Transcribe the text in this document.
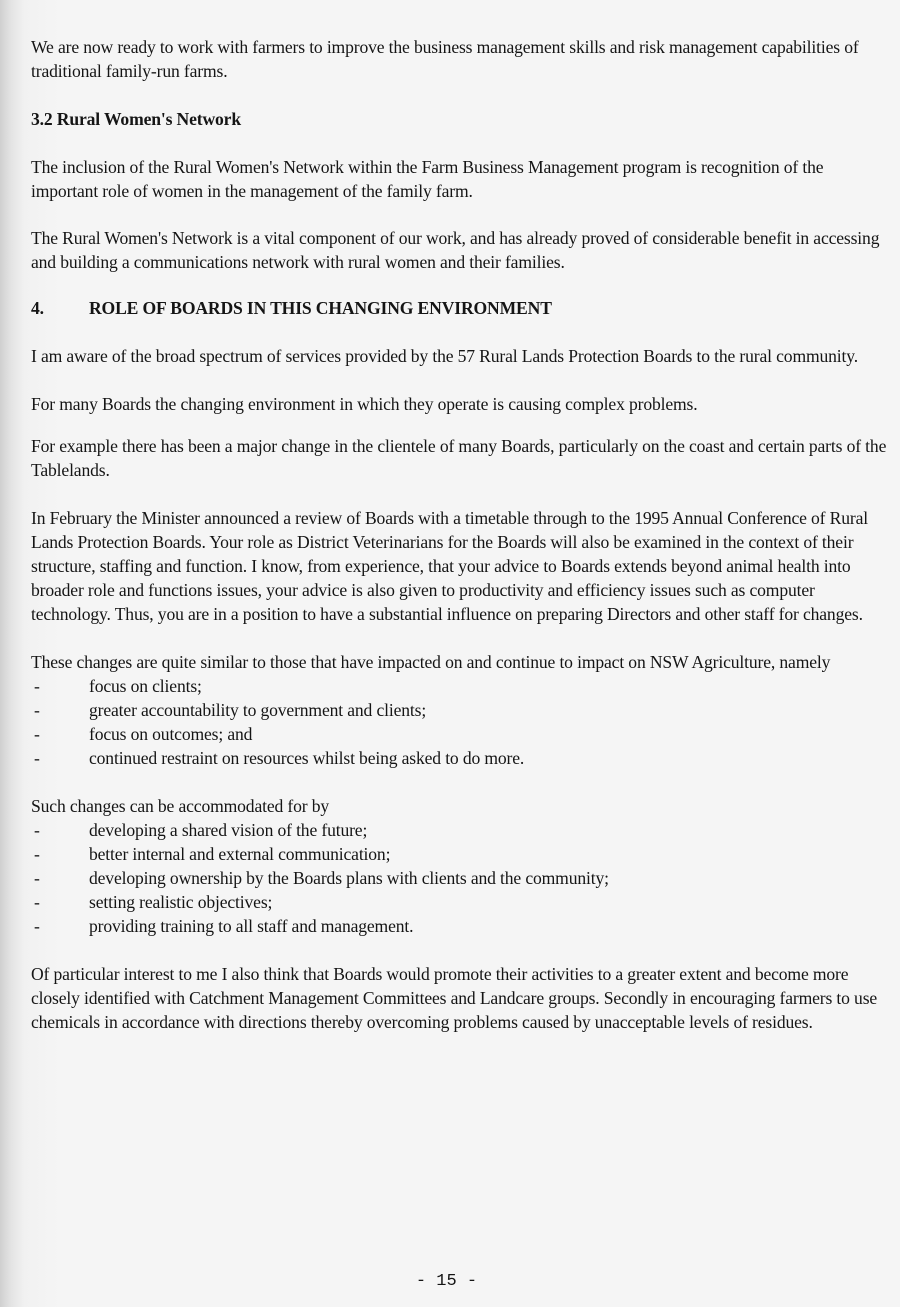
We are now ready to work with farmers to improve the business management skills and risk management capabilities of traditional family-run farms.

3.2 Rural Women's Network

The inclusion of the Rural Women's Network within the Farm Business Management program is recognition of the important role of women in the management of the family farm.

The Rural Women's Network is a vital component of our work, and has already proved of considerable benefit in accessing and building a communications network with rural women and their families.

4.	ROLE OF BOARDS IN THIS CHANGING ENVIRONMENT

I am aware of the broad spectrum of services provided by the 57 Rural Lands Protection Boards to the rural community.

For many Boards the changing environment in which they operate is causing complex problems.

For example there has been a major change in the clientele of many Boards, particularly on the coast and certain parts of the Tablelands.

In February the Minister announced a review of Boards with a timetable through to the 1995 Annual Conference of Rural Lands Protection Boards. Your role as District Veterinarians for the Boards will also be examined in the context of their structure, staffing and function. I know, from experience, that your advice to Boards extends beyond animal health into broader role and functions issues, your advice is also given to productivity and efficiency issues such as computer technology. Thus, you are in a position to have a substantial influence on preparing Directors and other staff for changes.

These changes are quite similar to those that have impacted on and continue to impact on NSW Agriculture, namely

-	focus on clients;
-	greater accountability to government and clients;
-	focus on outcomes; and
-	continued restraint on resources whilst being asked to do more.

Such changes can be accommodated for by

-	developing a shared vision of the future;
-	better internal and external communication;
-	developing ownership by the Boards plans with clients and the community;
-	setting realistic objectives;
-	providing training to all staff and management.

Of particular interest to me I also think that Boards would promote their activities to a greater extent and become more closely identified with Catchment Management Committees and Landcare groups. Secondly in encouraging farmers to use chemicals in accordance with directions thereby overcoming problems caused by unacceptable levels of residues.

- 15 -
